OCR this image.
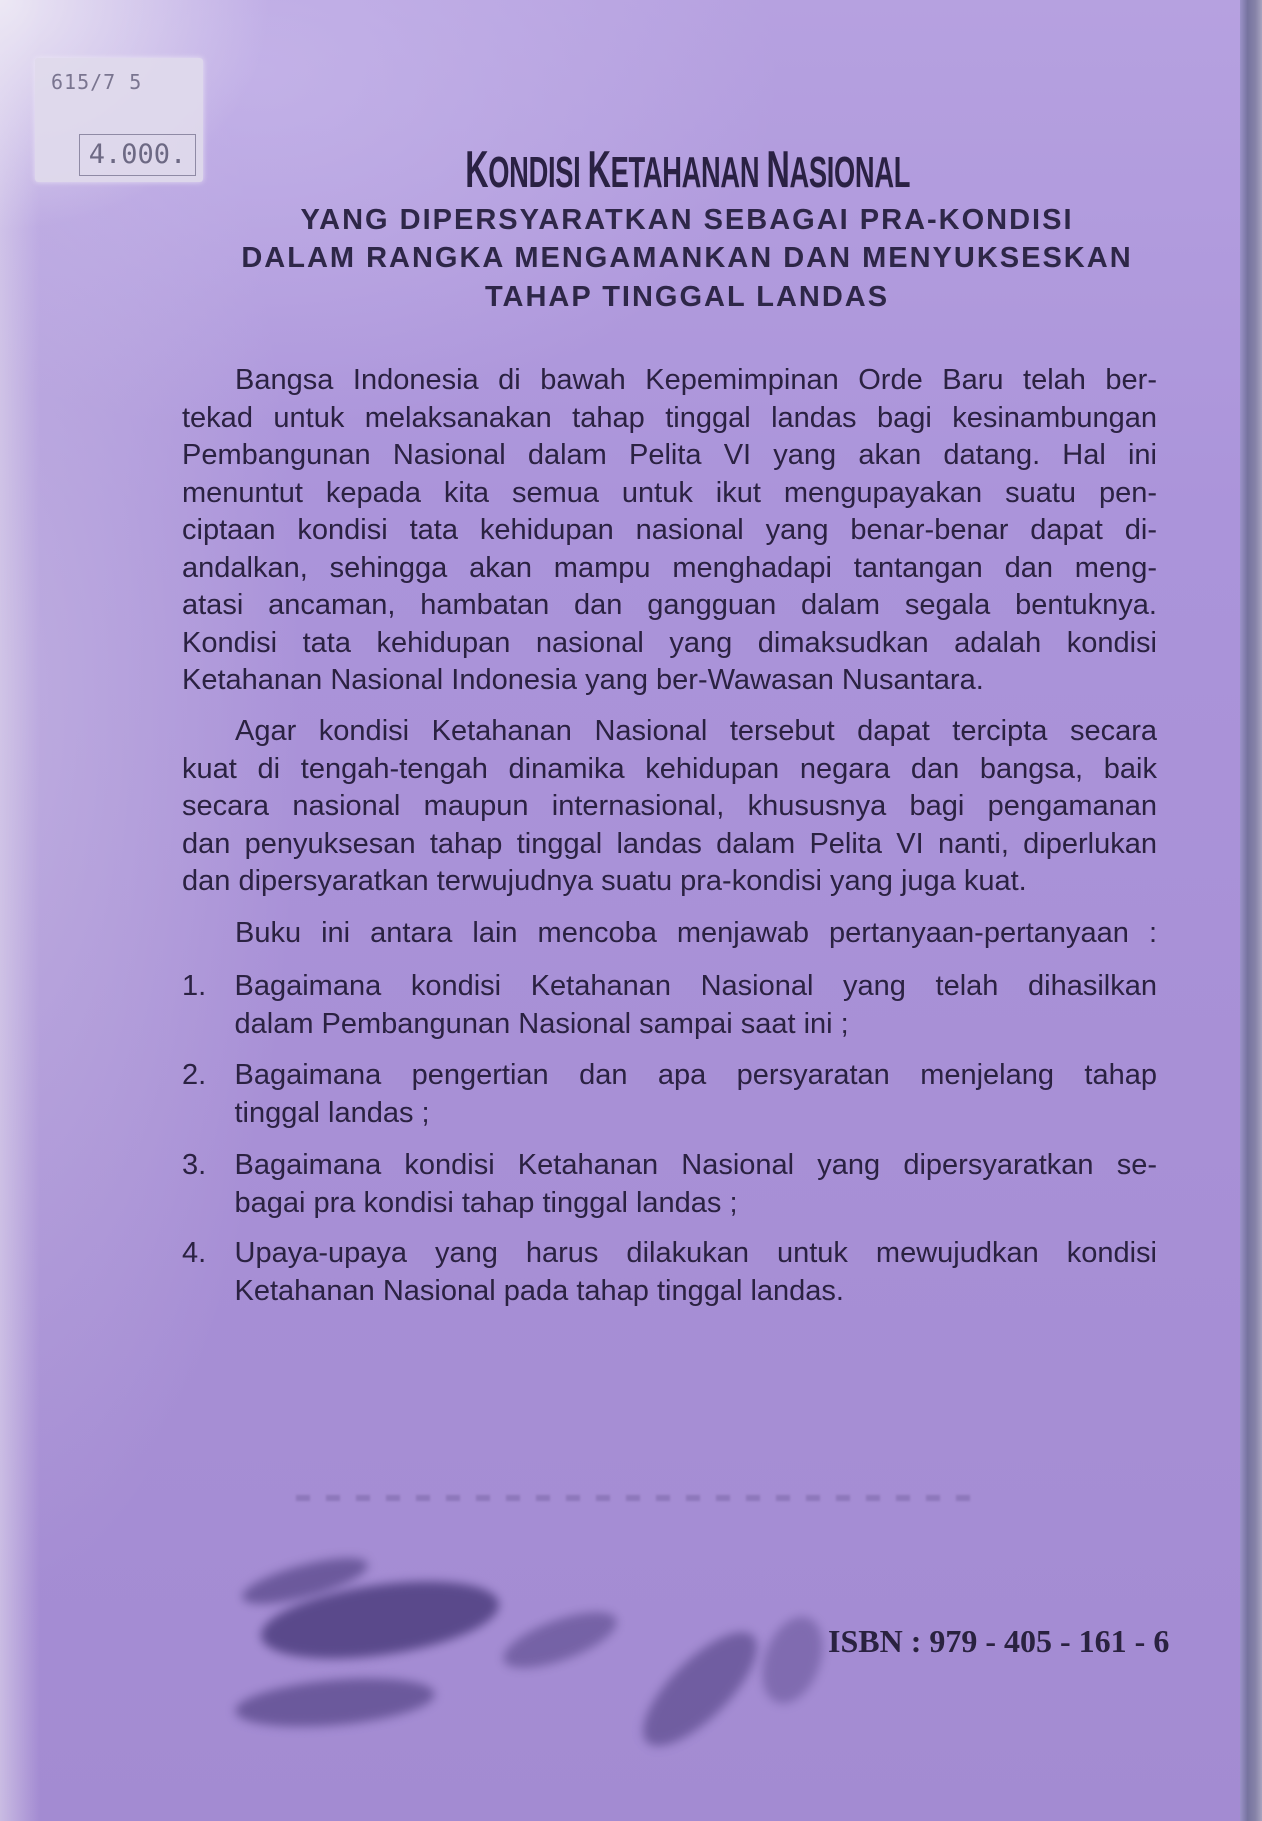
615/7 5
4.000.	KONDISI KETAHANAN NASIONAL
YANG DIPERSYARATKAN SEBAGAI PRA-KONDISI
DALAM RANGKA MENGAMANKAN DAN MENYUKSESKAN
TAHAP TINGGAL LANDAS
Bangsa Indonesia di bawah Kepemimpinan Orde Baru telah ber-
tekad untuk melaksanakan tahap tinggal landas bagi kesinambungan
Pembangunan Nasional dalam Pelita VI yang akan datang. Hal ini
menuntut kepada kita semua untuk ikut mengupayakan suatu pen-
ciptaan kondisi tata kehidupan nasional yang benar-benar dapat di-
andalkan, sehingga akan mampu menghadapi tantangan dan meng-
atasi ancaman, hambatan dan gangguan dalam segala bentuknya.
Kondisi tata kehidupan nasional yang dimaksudkan adalah kondisi
Ketahanan Nasional Indonesia yang ber-Wawasan Nusantara.
Agar kondisi Ketahanan Nasional tersebut dapat tercipta secara
kuat di tengah-tengah dinamika kehidupan negara dan bangsa, baik
secara nasional maupun internasional, khususnya bagi pengamanan
dan penyuksesan tahap tinggal landas dalam Pelita VI nanti, diperlukan
dan dipersyaratkan terwujudnya suatu pra-kondisi yang juga kuat.
Buku ini antara lain mencoba menjawab pertanyaan-pertanyaan :
1. Bagaimana kondisi Ketahanan Nasional yang telah dihasilkan
dalam Pembangunan Nasional sampai saat ini ;
2. Bagaimana pengertian dan apa persyaratan menjelang tahap
tinggal landas ;
3. Bagaimana kondisi Ketahanan Nasional yang dipersyaratkan se-
bagai pra kondisi tahap tinggal landas ;
4. Upaya-upaya yang harus dilakukan untuk mewujudkan kondisi
Ketahanan Nasional pada tahap tinggal landas.
ISBN : 979 - 405 - 161 - 6
